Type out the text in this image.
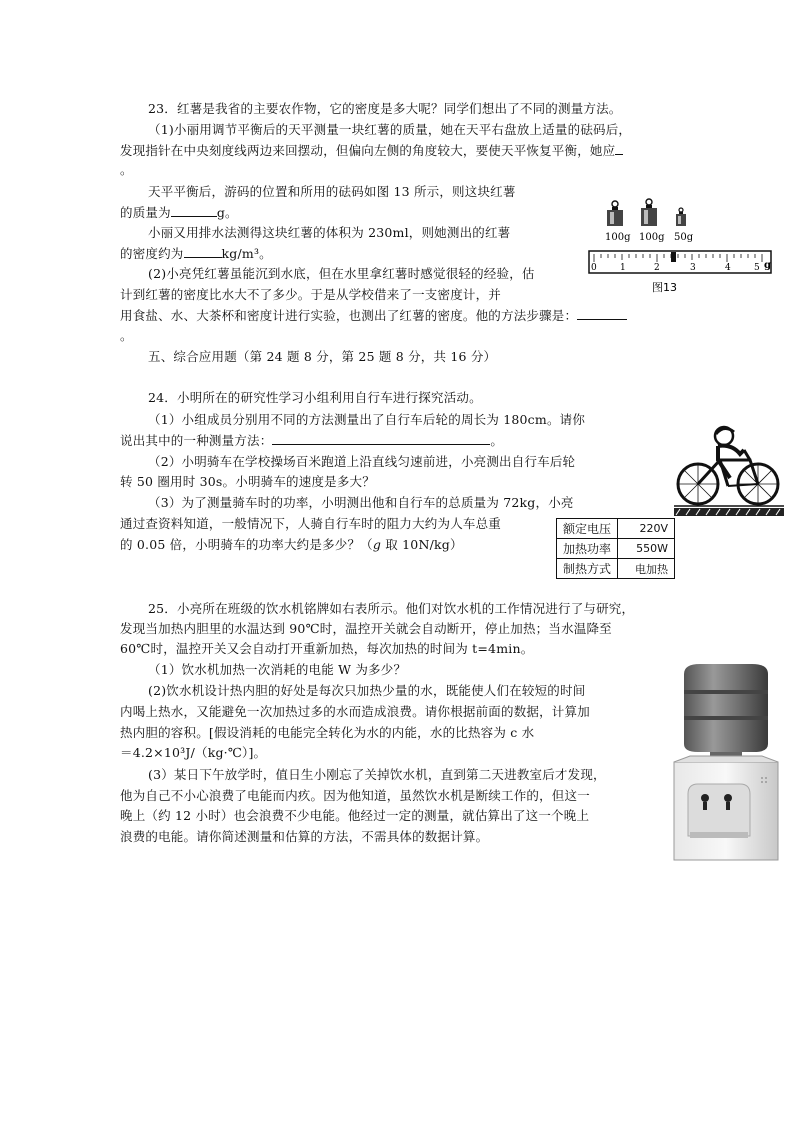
23．红薯是我省的主要农作物，它的密度是多大呢？同学们想出了不同的测量方法。
（1)小丽用调节平衡后的天平测量一块红薯的质量，她在天平右盘放上适量的砝码后，
发现指针在中央刻度线两边来回摆动，但偏向左侧的角度较大，要使天平恢复平衡，她应
。
天平平衡后，游码的位置和所用的砝码如图 13 所示，则这块红薯
的质量为	g。
小丽又用排水法测得这块红薯的体积为 230ml，则她测出的红薯
的密度约为	kg/m³。
(2)小亮凭红薯虽能沉到水底，但在水里拿红薯时感觉很轻的经验，估
计到红薯的密度比水大不了多少。于是从学校借来了一支密度计，并
用食盐、水、大茶杯和密度计进行实验，也测出了红薯的密度。他的方法步骤是：
。
100g 100g 50g
0	1	2	3	4	5 g
图13
五、综合应用题（第 24 题 8 分，第 25 题 8 分，共 16 分）
24．小明所在的研究性学习小组利用自行车进行探究活动。
（1）小组成员分别用不同的方法测量出了自行车后轮的周长为 180cm。请你
说出其中的一种测量方法：	。
（2）小明骑车在学校操场百米跑道上沿直线匀速前进，小亮测出自行车后轮
转 50 圈用时 30s。小明骑车的速度是多大？
（3）为了测量骑车时的功率，小明测出他和自行车的总质量为 72kg，小亮
通过查资料知道，一般情况下，人骑自行车时的阻力大约为人车总重
的 0.05 倍，小明骑车的功率大约是多少？（g 取 10N/kg）
额定电压	220V
加热功率	550W
制热方式	电加热
25．小亮所在班级的饮水机铭牌如右表所示。他们对饮水机的工作情况进行了与研究，
发现当加热内胆里的水温达到 90℃时，温控开关就会自动断开，停止加热；当水温降至
60℃时，温控开关又会自动打开重新加热，每次加热的时间为 t=4min。
（1）饮水机加热一次消耗的电能 W 为多少？
(2)饮水机设计热内胆的好处是每次只加热少量的水，既能使人们在较短的时间
内喝上热水，又能避免一次加热过多的水而造成浪费。请你根据前面的数据，计算加
热内胆的容积。[假设消耗的电能完全转化为水的内能，水的比热容为 c 水
＝4.2×10³J/（kg·℃）]。
(3）某日下午放学时，值日生小刚忘了关掉饮水机，直到第二天进教室后才发现，
他为自己不小心浪费了电能而内疚。因为他知道，虽然饮水机是断续工作的，但这一
晚上（约 12 小时）也会浪费不少电能。他经过一定的测量，就估算出了这一个晚上
浪费的电能。请你简述测量和估算的方法，不需具体的数据计算。
